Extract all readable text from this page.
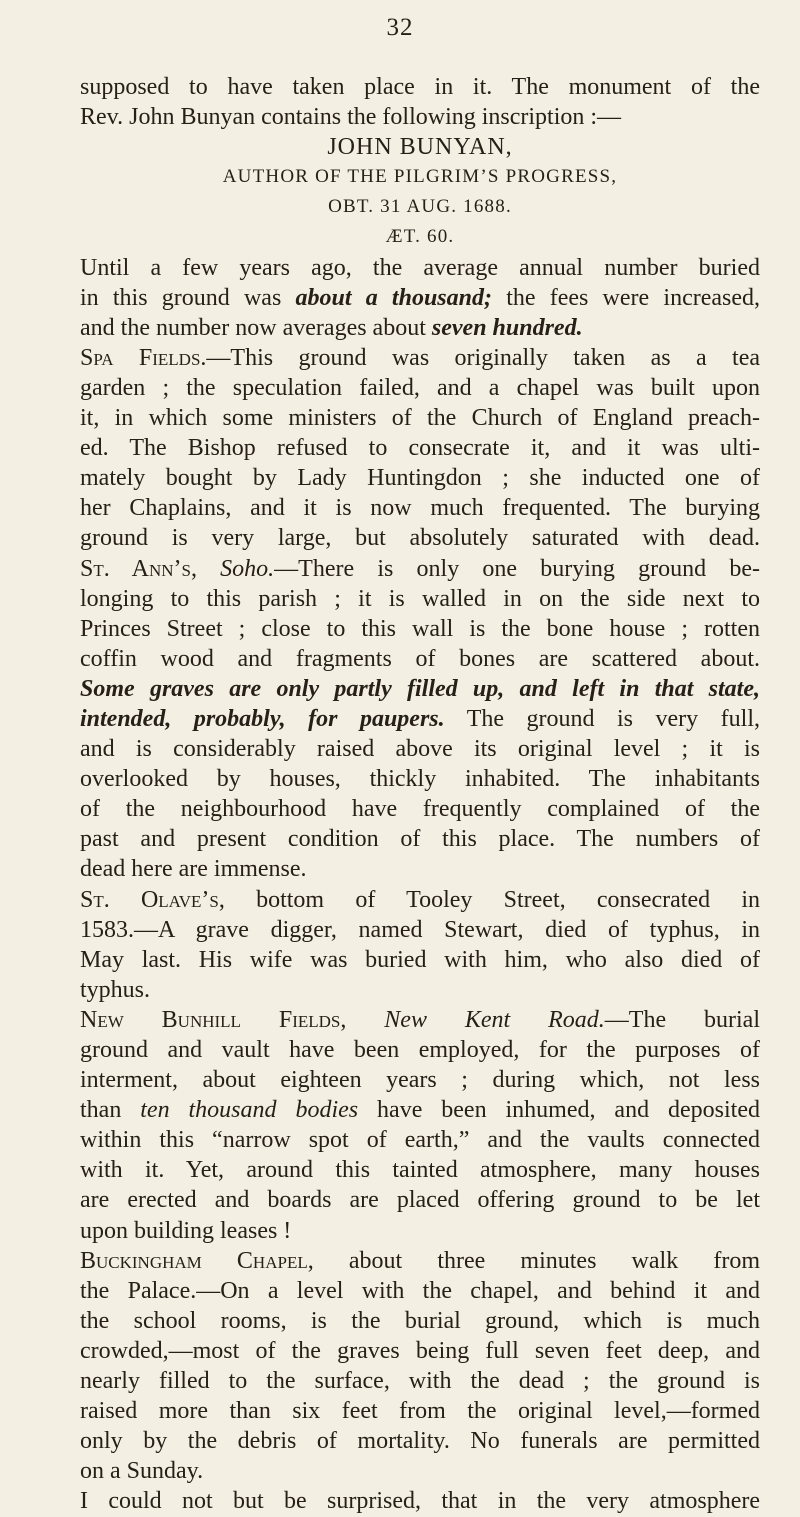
32
supposed to have taken place in it. The monument of the
Rev. John Bunyan contains the following inscription :—
JOHN BUNYAN,
AUTHOR OF THE PILGRIM’S PROGRESS,
OBT. 31 AUG. 1688.
ÆT. 60.
Until a few years ago, the average annual number buried
in this ground was about a thousand; the fees were increased,
and the number now averages about seven hundred.
Spa Fields.—This ground was originally taken as a tea
garden ; the speculation failed, and a chapel was built upon
it, in which some ministers of the Church of England preach-
ed. The Bishop refused to consecrate it, and it was ulti-
mately bought by Lady Huntingdon ; she inducted one of
her Chaplains, and it is now much frequented. The burying
ground is very large, but absolutely saturated with dead.
St. Ann’s, Soho.—There is only one burying ground be-
longing to this parish ; it is walled in on the side next to
Princes Street ; close to this wall is the bone house ; rotten
coffin wood and fragments of bones are scattered about.
Some graves are only partly filled up, and left in that state,
intended, probably, for paupers. The ground is very full,
and is considerably raised above its original level ; it is
overlooked by houses, thickly inhabited. The inhabitants
of the neighbourhood have frequently complained of the
past and present condition of this place. The numbers of
dead here are immense.
St. Olave’s, bottom of Tooley Street, consecrated in
1583.—A grave digger, named Stewart, died of typhus, in
May last. His wife was buried with him, who also died of
typhus.
New Bunhill Fields, New Kent Road.—The burial
ground and vault have been employed, for the purposes of
interment, about eighteen years ; during which, not less
than ten thousand bodies have been inhumed, and deposited
within this “narrow spot of earth,” and the vaults connected
with it. Yet, around this tainted atmosphere, many houses
are erected and boards are placed offering ground to be let
upon building leases !
Buckingham Chapel, about three minutes walk from
the Palace.—On a level with the chapel, and behind it and
the school rooms, is the burial ground, which is much
crowded,—most of the graves being full seven feet deep, and
nearly filled to the surface, with the dead ; the ground is
raised more than six feet from the original level,—formed
only by the debris of mortality. No funerals are permitted
on a Sunday.
I could not but be surprised, that in the very atmosphere
